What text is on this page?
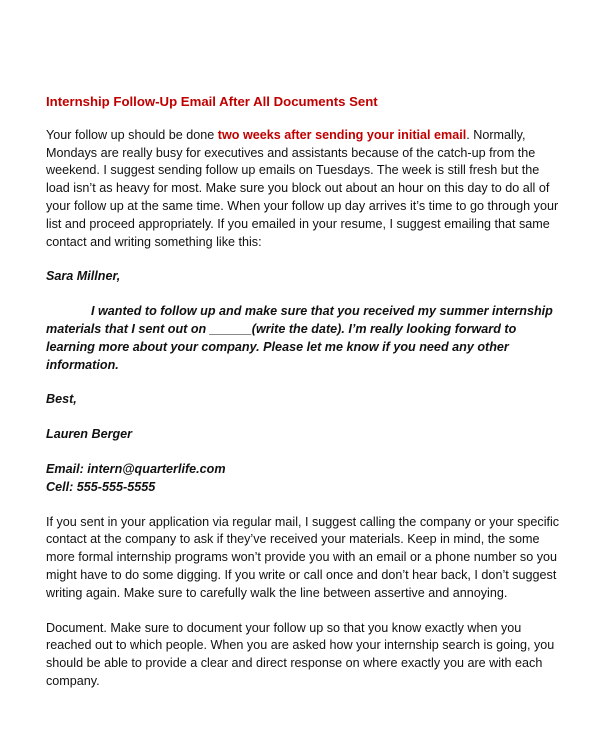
Internship Follow-Up Email After All Documents Sent

Your follow up should be done two weeks after sending your initial email. Normally, Mondays are really busy for executives and assistants because of the catch-up from the weekend. I suggest sending follow up emails on Tuesdays. The week is still fresh but the load isn’t as heavy for most. Make sure you block out about an hour on this day to do all of your follow up at the same time. When your follow up day arrives it’s time to go through your list and proceed appropriately. If you emailed in your resume, I suggest emailing that same contact and writing something like this:

Sara Millner,

I wanted to follow up and make sure that you received my summer internship materials that I sent out on ______(write the date). I’m really looking forward to learning more about your company. Please let me know if you need any other information.

Best,

Lauren Berger

Email: intern@quarterlife.com

Cell: 555-555-5555

If you sent in your application via regular mail, I suggest calling the company or your specific contact at the company to ask if they’ve received your materials. Keep in mind, the some more formal internship programs won’t provide you with an email or a phone number so you might have to do some digging. If you write or call once and don’t hear back, I don’t suggest writing again. Make sure to carefully walk the line between assertive and annoying.

Document. Make sure to document your follow up so that you know exactly when you reached out to which people. When you are asked how your internship search is going, you should be able to provide a clear and direct response on where exactly you are with each company.
